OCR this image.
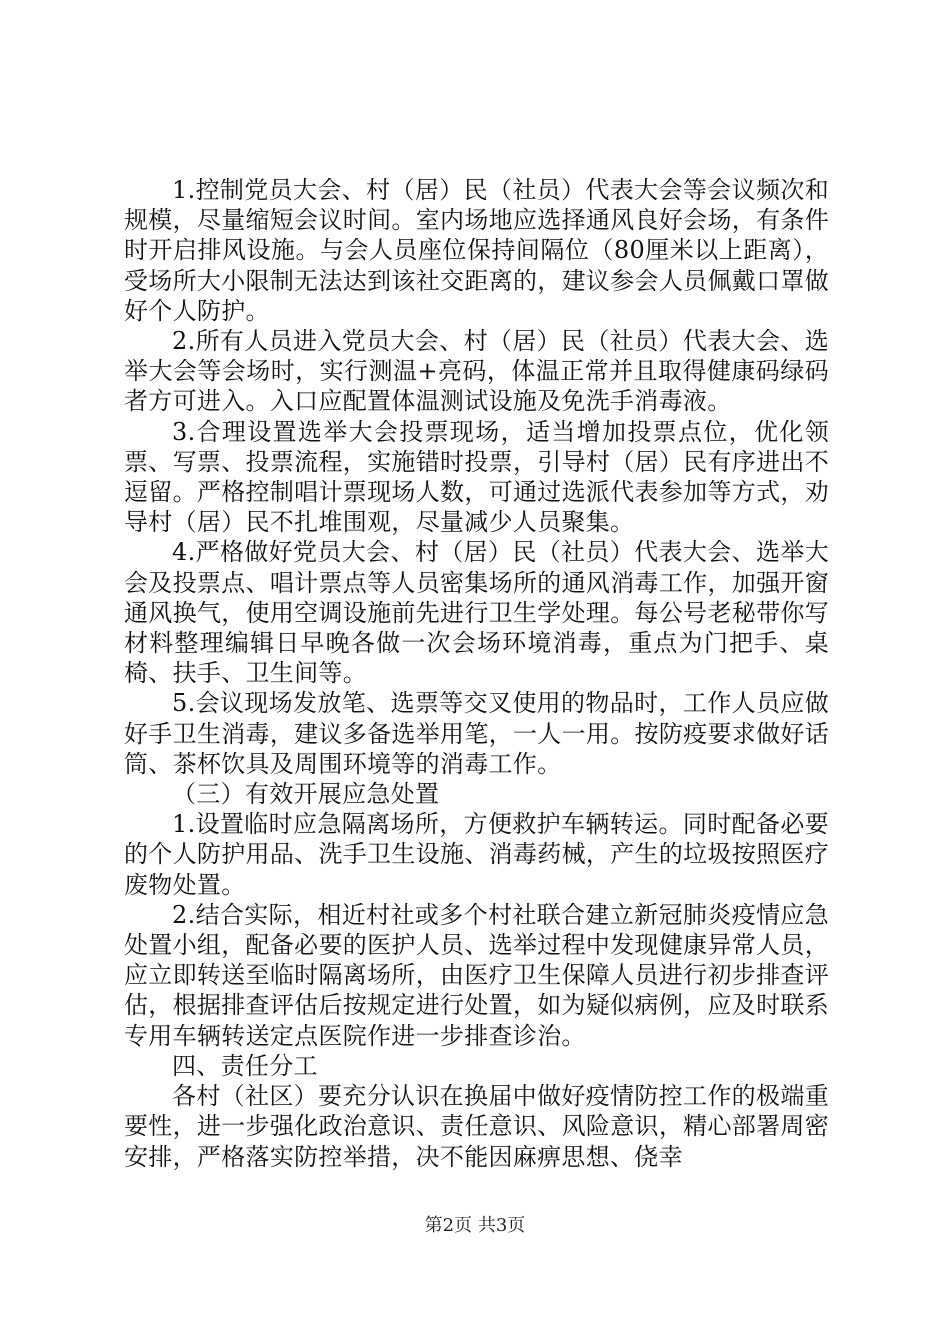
1.控制党员大会、村（居）民（社员）代表大会等会议频次和规模，尽量缩短会议时间。室内场地应选择通风良好会场，有条件时开启排风设施。与会人员座位保持间隔位（80厘米以上距离），受场所大小限制无法达到该社交距离的，建议参会人员佩戴口罩做好个人防护。

2.所有人员进入党员大会、村（居）民（社员）代表大会、选举大会等会场时，实行测温+亮码，体温正常并且取得健康码绿码者方可进入。入口应配置体温测试设施及免洗手消毒液。

3.合理设置选举大会投票现场，适当增加投票点位，优化领票、写票、投票流程，实施错时投票，引导村（居）民有序进出不逗留。严格控制唱计票现场人数，可通过选派代表参加等方式，劝导村（居）民不扎堆围观，尽量减少人员聚集。

4.严格做好党员大会、村（居）民（社员）代表大会、选举大会及投票点、唱计票点等人员密集场所的通风消毒工作，加强开窗通风换气，使用空调设施前先进行卫生学处理。每公号老秘带你写材料整理编辑日早晚各做一次会场环境消毒，重点为门把手、桌椅、扶手、卫生间等。

5.会议现场发放笔、选票等交叉使用的物品时，工作人员应做好手卫生消毒，建议多备选举用笔，一人一用。按防疫要求做好话筒、茶杯饮具及周围环境等的消毒工作。

（三）有效开展应急处置

1.设置临时应急隔离场所，方便救护车辆转运。同时配备必要的个人防护用品、洗手卫生设施、消毒药械，产生的垃圾按照医疗废物处置。

2.结合实际，相近村社或多个村社联合建立新冠肺炎疫情应急处置小组，配备必要的医护人员、选举过程中发现健康异常人员，应立即转送至临时隔离场所，由医疗卫生保障人员进行初步排查评估，根据排查评估后按规定进行处置，如为疑似病例，应及时联系专用车辆转送定点医院作进一步排查诊治。

四、责任分工

各村（社区）要充分认识在换届中做好疫情防控工作的极端重要性，进一步强化政治意识、责任意识、风险意识，精心部署周密安排，严格落实防控举措，决不能因麻痹思想、侥幸

第2页 共3页
